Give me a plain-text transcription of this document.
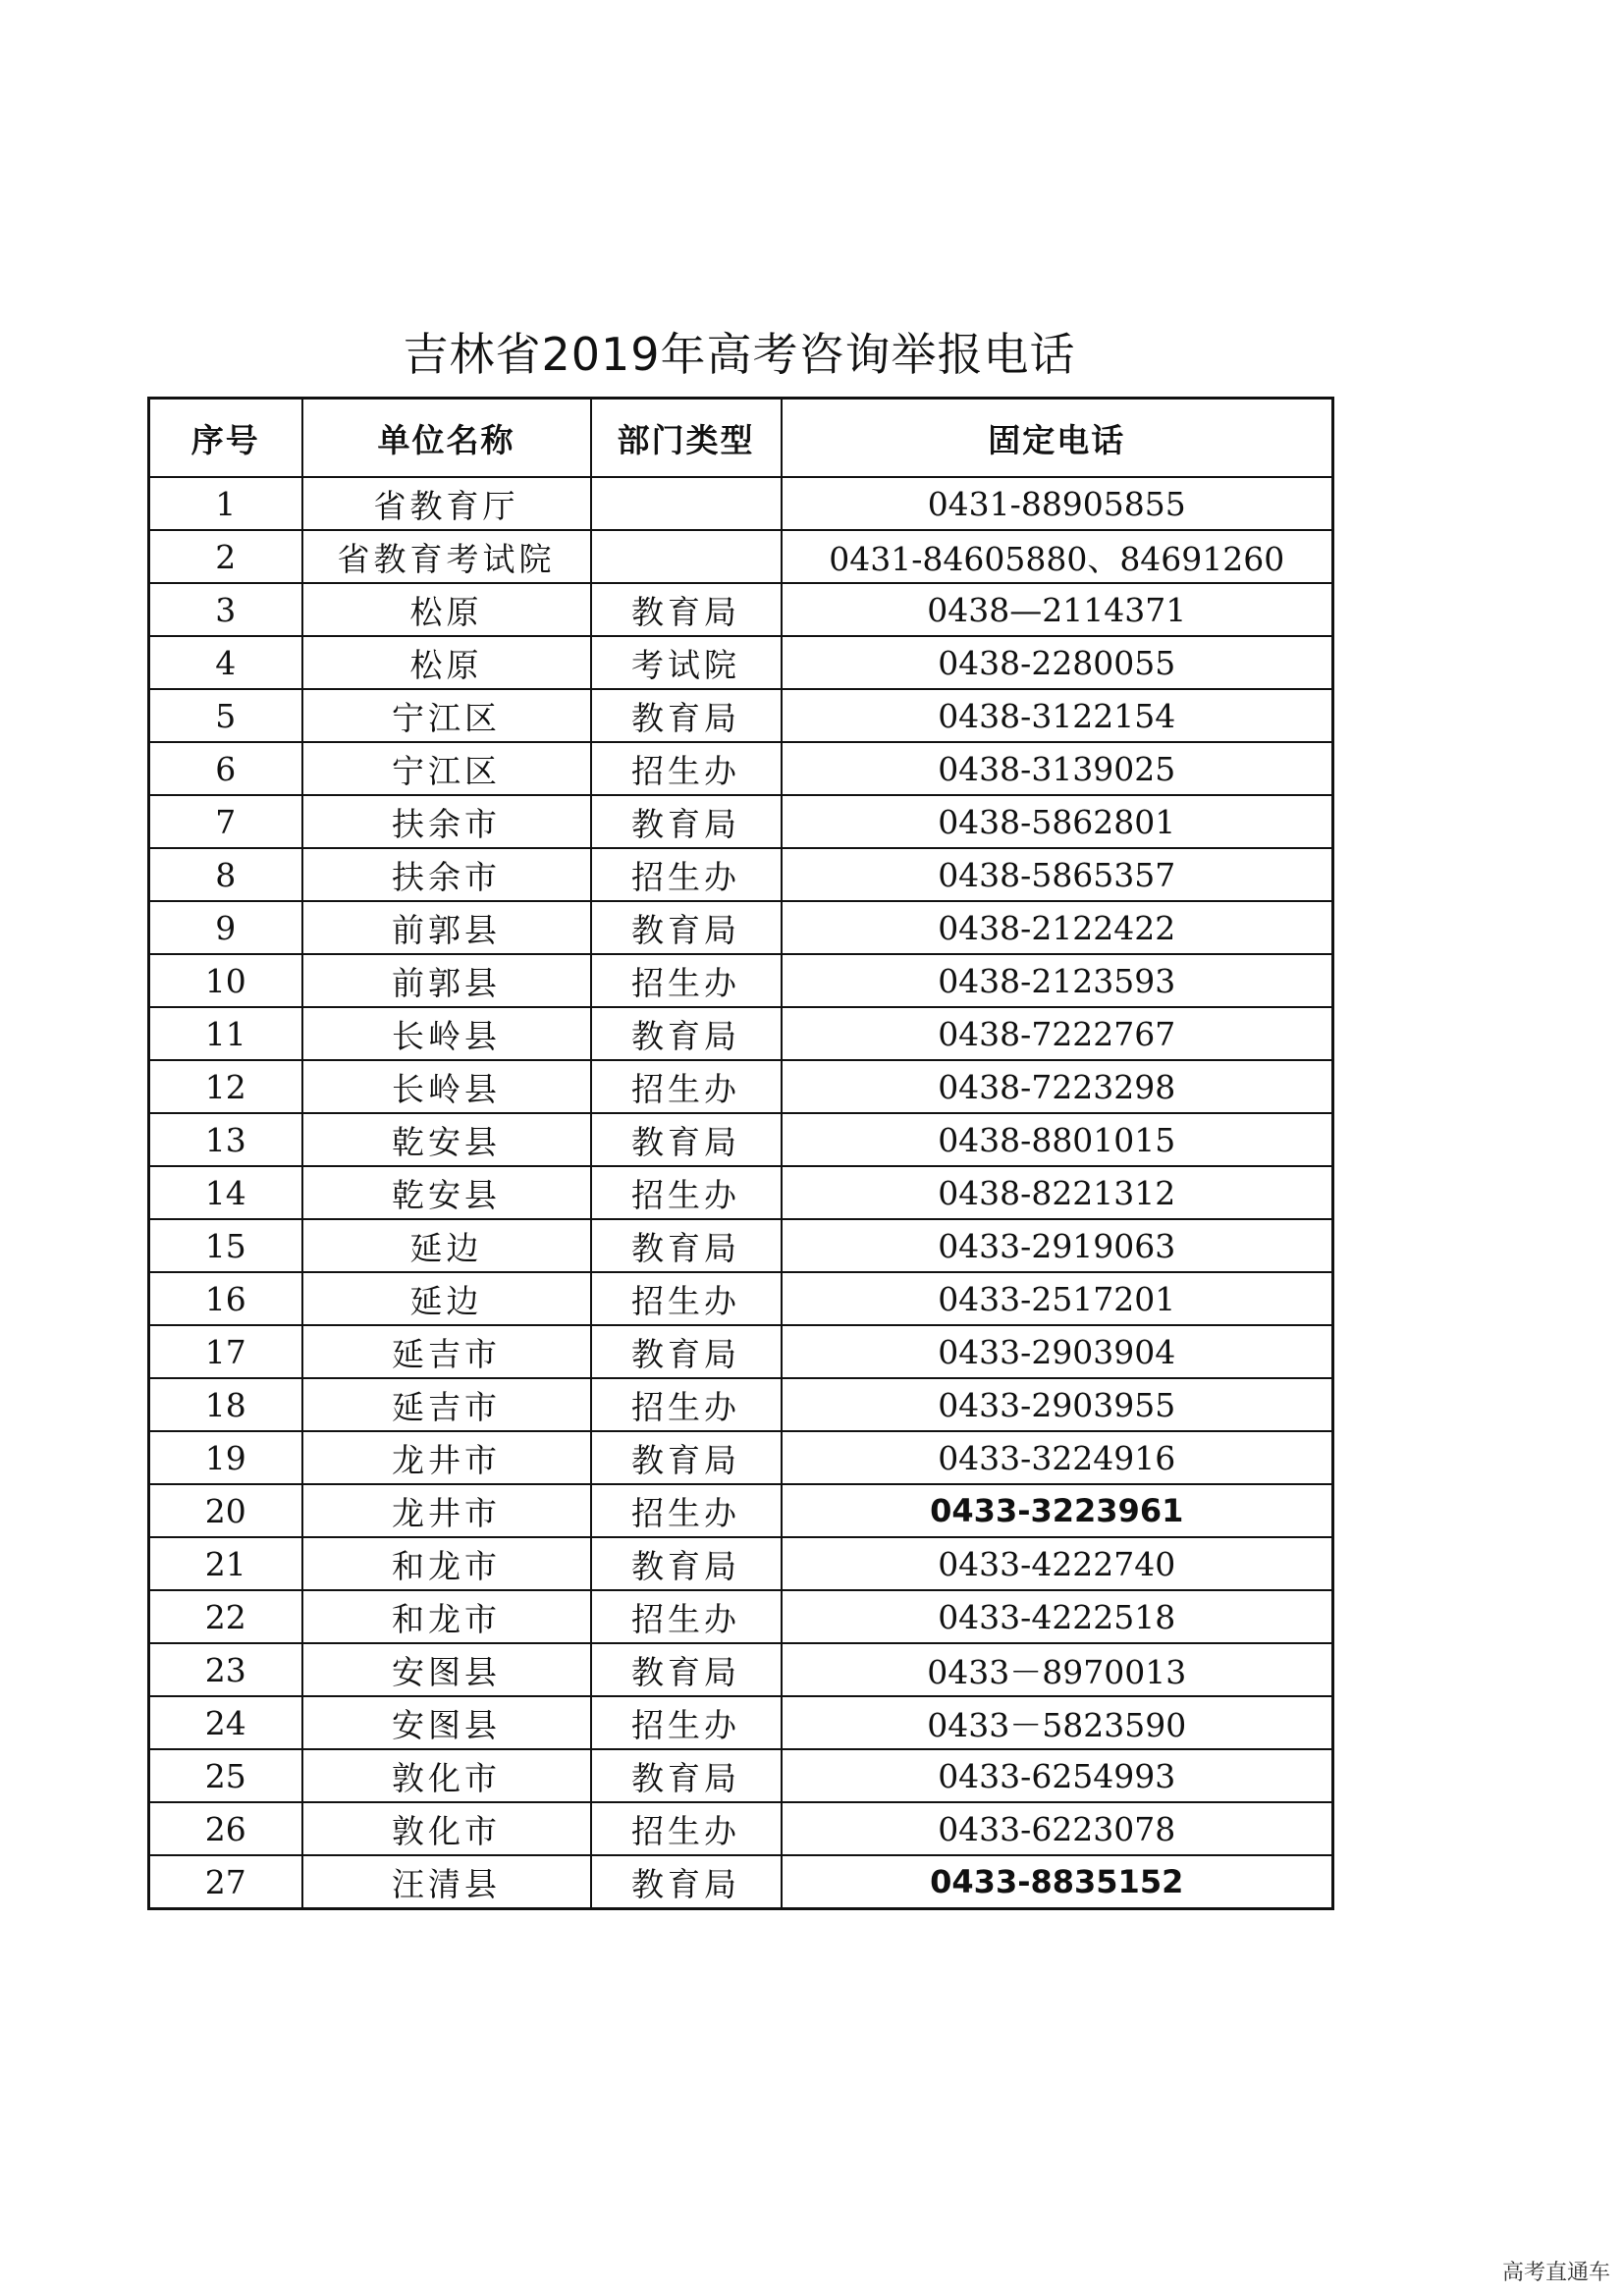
吉林省2019年高考咨询举报电话
序号	单位名称	部门类型	固定电话
1	省教育厅		0431-88905855
2	省教育考试院		0431-84605880、84691260
3	松原	教育局	0438—2114371
4	松原	考试院	0438-2280055
5	宁江区	教育局	0438-3122154
6	宁江区	招生办	0438-3139025
7	扶余市	教育局	0438-5862801
8	扶余市	招生办	0438-5865357
9	前郭县	教育局	0438-2122422
10	前郭县	招生办	0438-2123593
11	长岭县	教育局	0438-7222767
12	长岭县	招生办	0438-7223298
13	乾安县	教育局	0438-8801015
14	乾安县	招生办	0438-8221312
15	延边	教育局	0433-2919063
16	延边	招生办	0433-2517201
17	延吉市	教育局	0433-2903904
18	延吉市	招生办	0433-2903955
19	龙井市	教育局	0433-3224916
20	龙井市	招生办	0433-3223961
21	和龙市	教育局	0433-4222740
22	和龙市	招生办	0433-4222518
23	安图县	教育局	0433－8970013
24	安图县	招生办	0433－5823590
25	敦化市	教育局	0433-6254993
26	敦化市	招生办	0433-6223078
27	汪清县	教育局	0433-8835152
高考直通车
